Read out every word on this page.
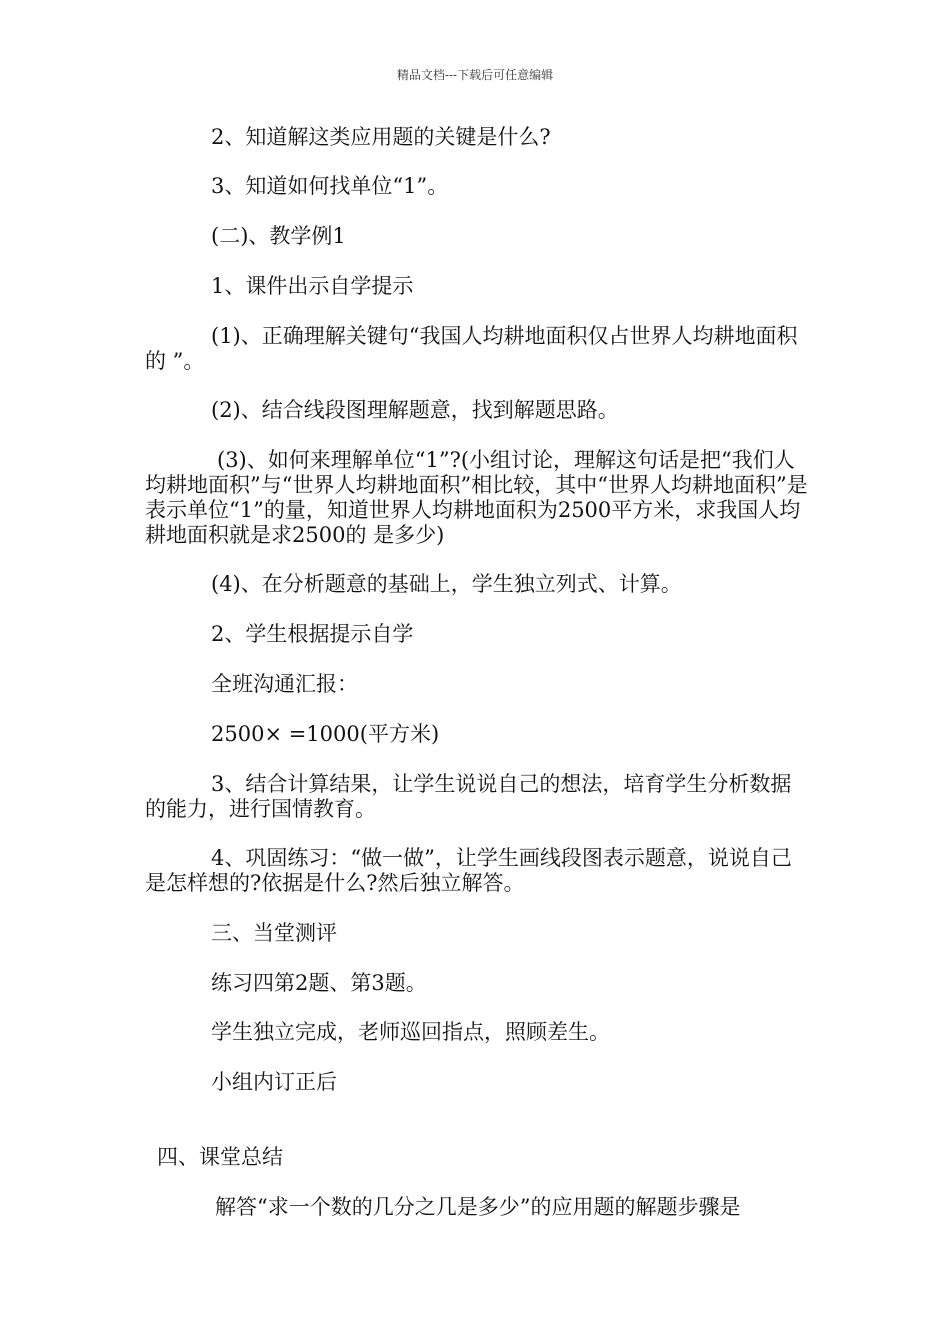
精品文档---下载后可任意编辑

2、知道解这类应用题的关键是什么?

3、知道如何找单位“1”。

(二)、教学例1

1、课件出示自学提示

(1)、正确理解关键句“我国人均耕地面积仅占世界人均耕地面积的 ”。

(2)、结合线段图理解题意，找到解题思路。

(3)、如何来理解单位“1”?(小组讨论，理解这句话是把“我们人均耕地面积”与“世界人均耕地面积”相比较，其中“世界人均耕地面积”是表示单位“1”的量，知道世界人均耕地面积为2500平方米，求我国人均耕地面积就是求2500的 是多少)

(4)、在分析题意的基础上，学生独立列式、计算。

2、学生根据提示自学

全班沟通汇报：

2500× =1000(平方米)

3、结合计算结果，让学生说说自己的想法，培育学生分析数据的能力，进行国情教育。

4、巩固练习：“做一做”，让学生画线段图表示题意，说说自己是怎样想的?依据是什么?然后独立解答。

三、当堂测评

练习四第2题、第3题。

学生独立完成，老师巡回指点，照顾差生。

小组内订正后

四、课堂总结

解答“求一个数的几分之几是多少”的应用题的解题步骤是
